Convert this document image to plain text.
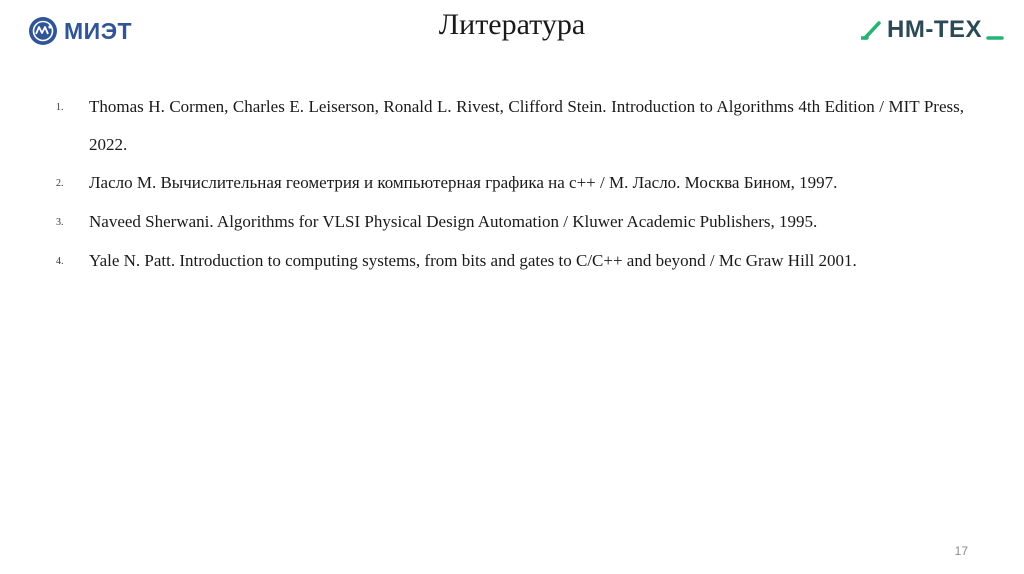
МИЭТ	Литература	НМ-ТЕХ
1.	Thomas H. Cormen, Charles E. Leiserson, Ronald L. Rivest, Clifford Stein. Introduction to Algorithms 4th Edition / MIT Press, 2022.
2.	Ласло М. Вычислительная геометрия и компьютерная графика на с++ / М. Ласло. Москва Бином, 1997.
3.	Naveed Sherwani. Algorithms for VLSI Physical Design Automation / Kluwer Academic Publishers, 1995.
4.	Yale N. Patt. Introduction to computing systems, from bits and gates to C/C++ and beyond / Mc Graw Hill 2001.
17
